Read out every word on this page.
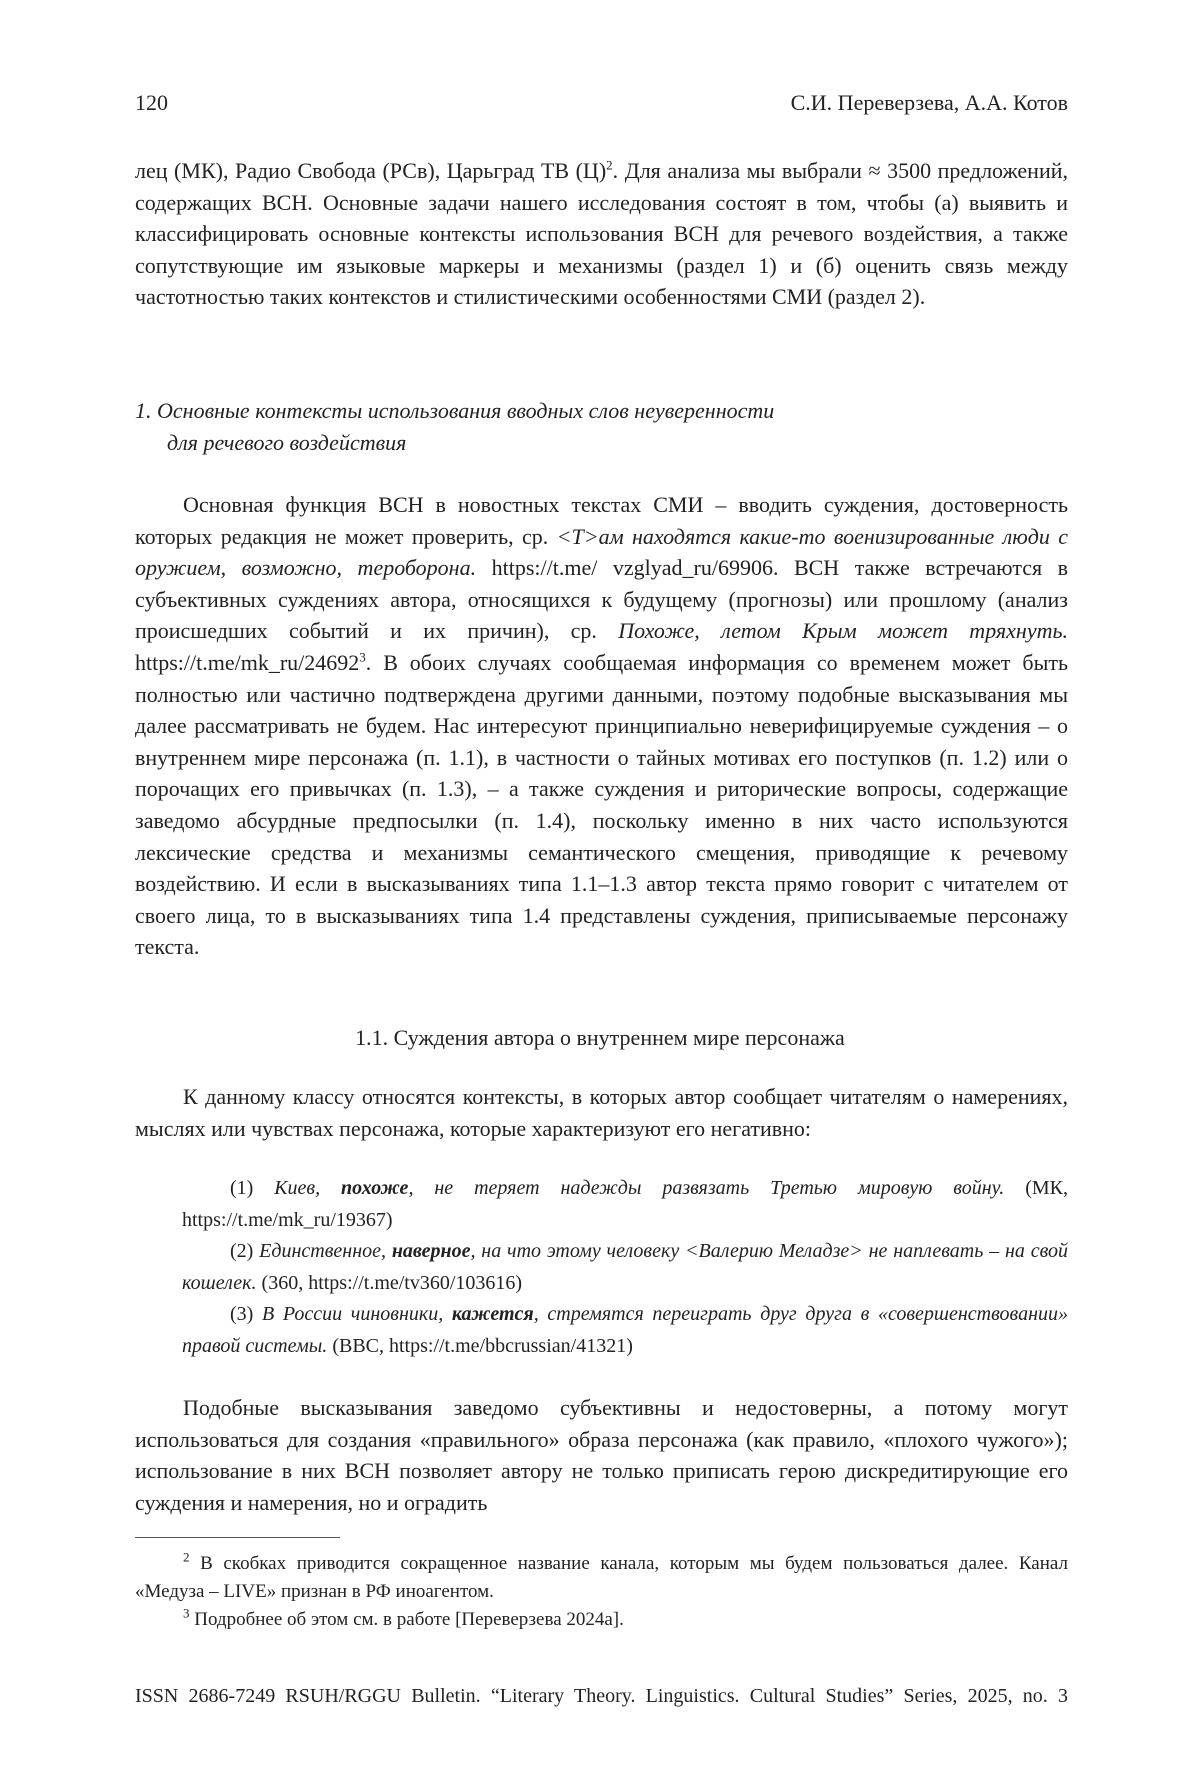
120	С.И. Переверзева, А.А. Котов
лец (МК), Радио Свобода (РСв), Царьград ТВ (Ц)2. Для анализа мы выбрали ≈ 3500 предложений, содержащих ВСН. Основные задачи нашего исследования состоят в том, чтобы (а) выявить и классифицировать основные контексты использования ВСН для речевого воздействия, а также сопутствующие им языковые маркеры и механизмы (раздел 1) и (б) оценить связь между частотностью таких контекстов и стилистическими особенностями СМИ (раздел 2).
1. Основные контексты использования вводных слов неуверенности
для речевого воздействия
Основная функция ВСН в новостных текстах СМИ – вводить суждения, достоверность которых редакция не может проверить, ср. <Т>ам находятся ка­кие-то военизированные люди с оружием, возможно, тероборона. https://t.me/ vzglyad_ru/69906. ВСН также встречаются в субъективных суждениях автора, от­носящихся к будущему (прогнозы) или прошлому (анализ происшедших событий и их причин), ср. Похоже, летом Крым может тряхнуть. https://t.me/mk_ru/246923. В обоих случаях сообщаемая информация со временем может быть полностью или частично подтверждена другими данными, поэтому подобные высказывания мы далее рассматривать не будем. Нас интересуют принципиально неверифицируемые суждения – о внутреннем мире персонажа (п. 1.1), в частности о тайных мотивах его поступков (п. 1.2) или о порочащих его привычках (п. 1.3), – а также суждения и риторические вопросы, содержащие заведомо абсурдные предпосылки (п. 1.4), поскольку именно в них часто используются лексические средства и механизмы семантического смещения, приводящие к речевому воздействию. И если в выска­зываниях типа 1.1–1.3 автор текста прямо говорит с читателем от своего лица, то в высказываниях типа 1.4 представлены суждения, приписываемые персонажу текста.
1.1. Суждения автора о внутреннем мире персонажа
К данному классу относятся контексты, в которых автор сообщает читателям о намерениях, мыслях или чувствах персонажа, которые характеризуют его негативно:

(1) Киев, похоже, не теряет надежды развязать Третью мировую войну. (МК, https://t.me/mk_ru/19367)

(2) Единственное, наверное, на что этому человеку <Валерию Меладзе> не напле­вать – на свой кошелек. (360, https://t.me/tv360/103616)

(3) В России чиновники, кажется, стремятся переиграть друг друга в «совершен­ствовании» правой системы. (BBC, https://t.me/bbcrussian/41321)

Подобные высказывания заведомо субъективны и недостоверны, а потому могут использоваться для создания «правильного» образа персонажа (как пра­вило, «плохого чужого»); использование в них ВСН позволяет автору не только приписать герою дискредитирующие его суждения и намерения, но и оградить

2 В скобках приводится сокращенное название канала, которым мы будем пользоваться далее. Канал «Медуза – LIVE» признан в РФ иноагентом.

3 Подробнее об этом см. в работе [Переверзева 2024а].

ISSN 2686-7249 RSUH/RGGU Bulletin. “Literary Theory. Linguistics. Cultural Studies” Series, 2025, no. 3
